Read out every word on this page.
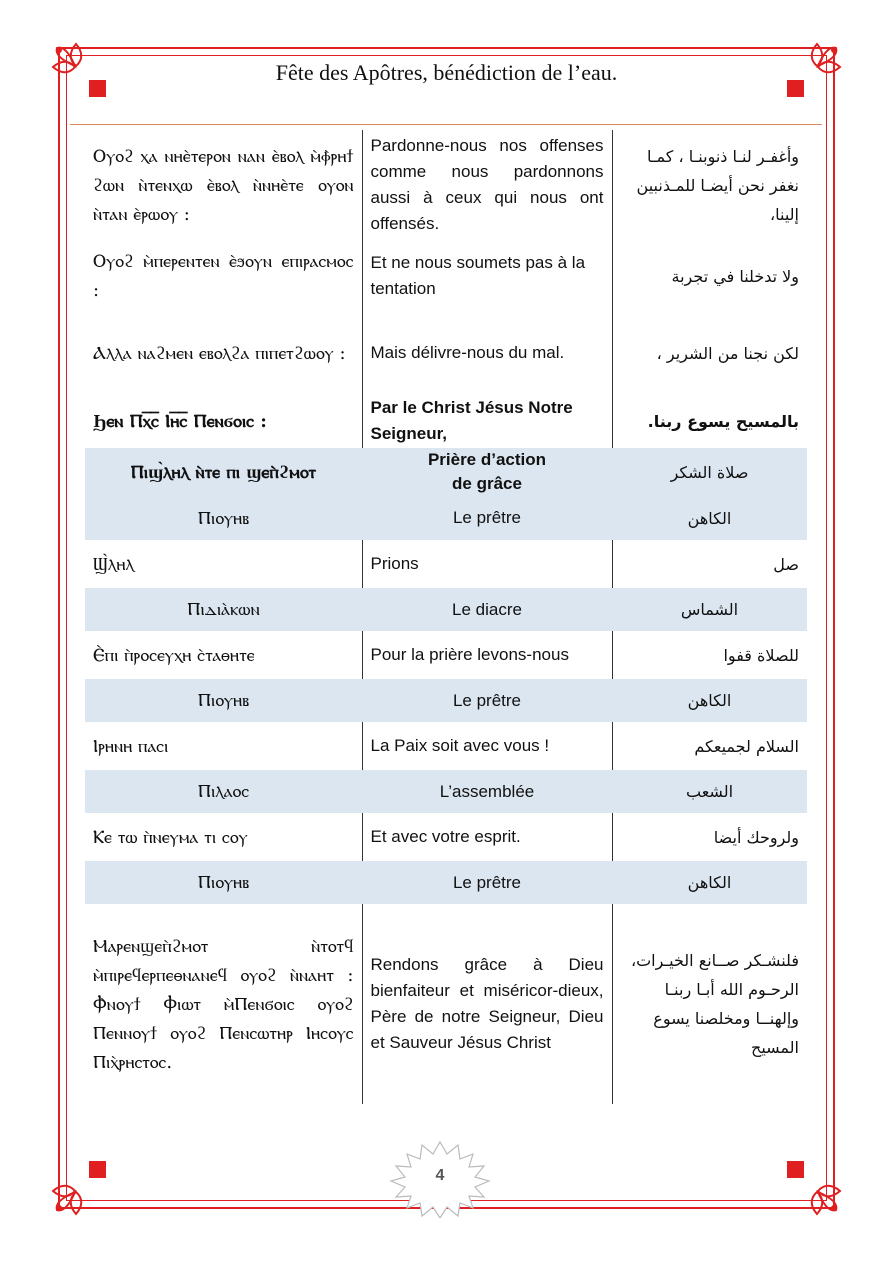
Fête des Apôtres, bénédiction de l’eau.
Ⲟⲩⲟϩ ⲭⲁ ⲛⲏⲉ̀ⲧⲉⲣⲟⲛ ⲛⲁⲛ ⲉ̀ⲃⲟⲗ ⲙ̀ⲫ̀ⲣⲏϯ ϩⲱⲛ ⲛ̀ⲧⲉⲛⲭⲱ ⲉ̀ⲃⲟⲗ ⲛ̀ⲛⲏⲉ̀ⲧⲉ ⲟⲩⲟⲛ ⲛ̀ⲧⲁⲛ ⲉ̀ⲣⲱⲟⲩ :	Pardonne-nous nos offenses comme nous pardonnons aussi à ceux qui nous ont offensés.	وأغفـر لنـا ذنوبنـا ، كمـا نغفر نحن أيضـا للمـذنبين إلينا،
Ⲟⲩⲟϩ ⲙ̀ⲡⲉⲣⲉⲛⲧⲉⲛ ⲉ̀ϧⲟⲩⲛ ⲉⲡⲓⲣⲁⲥⲙⲟⲥ :	Et ne nous soumets pas à la tentation	ولا تدخلنا في تجربة
Ⲁⲗⲗⲁ ⲛⲁϩⲙⲉⲛ ⲉⲃⲟⲗϩⲁ ⲡⲓⲡⲉⲧϩⲱⲟⲩ :	Mais délivre-nous du mal.	لكن نجنا من الشرير ،
Ϧⲉⲛ Ⲡⲭ̅ⲥ̅ Ⲓⲏ̅ⲥ̅ Ⲡⲉⲛϭⲟⲓⲥ :	Par le Christ Jésus Notre Seigneur,	بالمسيح يسوع ربنا.
Ⲡⲓϣ̀ⲗⲏⲗ ⲛ̀ⲧⲉ ⲡⲓ ϣⲉⲡ̀ϩⲙⲟⲧ	Prière d’action de grâce	صلاة الشكر
Ⲡⲓⲟⲩⲏⲃ	Le prêtre	الكاهن
Ϣ̀ⲗⲏⲗ	Prions	صل
Ⲡⲓⲇⲓⲁ̀ⲕⲱⲛ	Le diacre	الشماس
Ⲉ̀ⲡⲓ ⲡ̀ⲣⲟⲥⲉⲩⲭⲏ ⲥ̀ⲧⲁⲑⲏⲧⲉ	Pour la prière levons-nous	للصلاة قفوا
Ⲡⲓⲟⲩⲏⲃ	Le prêtre	الكاهن
Ⲓⲣⲏⲛⲏ ⲡⲁⲥⲓ	La Paix soit avec vous !	السلام لجميعكم
Ⲡⲓⲗⲁⲟⲥ	L’assemblée	الشعب
Ⲕⲉ ⲧⲱ ⲡ̀ⲛⲉⲩⲙⲁ ⲧⲓ ⲥⲟⲩ	Et avec votre esprit.	ولروحك أيضا
Ⲡⲓⲟⲩⲏⲃ	Le prêtre	الكاهن
Ⲙⲁⲣⲉⲛϣⲉⲡ̀ϩⲙⲟⲧ ⲛ̀ⲧⲟⲧϥ ⲙ̀ⲡⲓⲣⲉϥⲉⲣⲡⲉⲑⲛⲁⲛⲉϥ ⲟⲩⲟϩ ⲛ̀ⲛⲁⲏⲧ : Ⲫ̀ⲛⲟⲩϯ Ⲫⲓⲱⲧ ⲙ̀Ⲡⲉⲛϭⲟⲓⲥ ⲟⲩⲟϩ Ⲡⲉⲛⲛⲟⲩϯ ⲟⲩⲟϩ Ⲡⲉⲛⲥⲱⲧⲏⲣ Ⲓⲏⲥⲟⲩⲥ Ⲡⲓⲭ̀ⲣⲏⲥⲧⲟⲥ.	Rendons grâce à Dieu bienfaiteur et miséricor-dieux, Père de notre Seigneur, Dieu et Sauveur Jésus Christ	فلنشـكر صــانع الخيـرات، الرحـوم الله أبـا ربنـا وإلهنــا ومخلصنا يسوع المسيح
4
